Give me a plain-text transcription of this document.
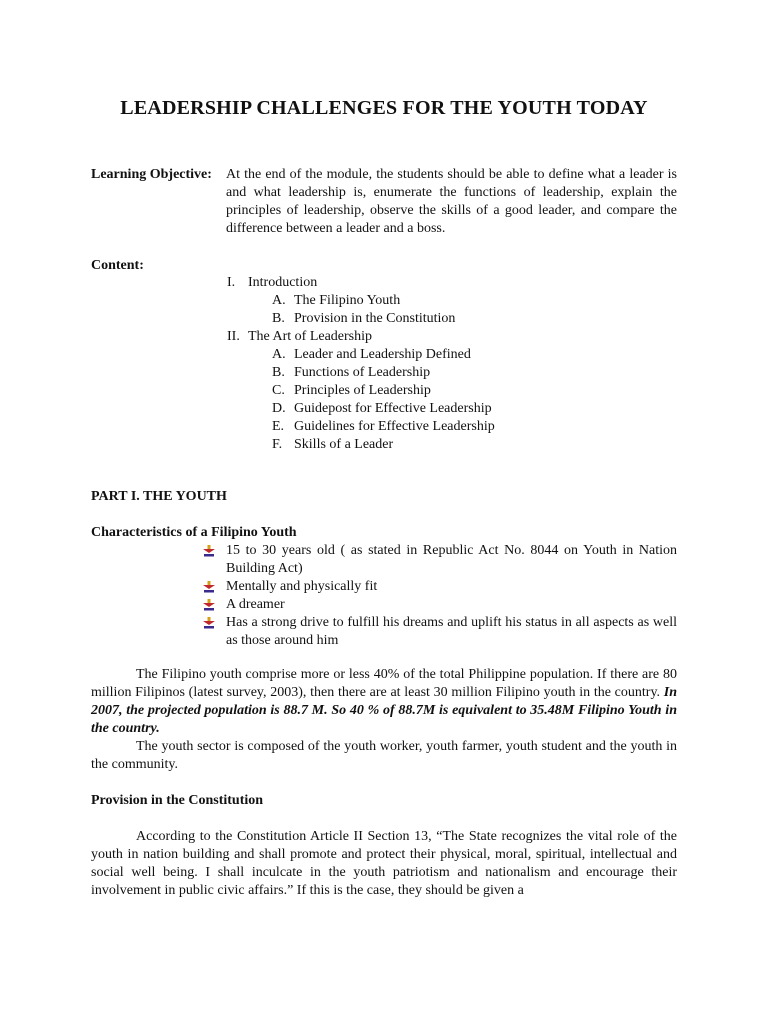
LEADERSHIP CHALLENGES FOR THE YOUTH TODAY
Learning Objective: At the end of the module, the students should be able to define what a leader is and what leadership is, enumerate the functions of leadership, explain the principles of leadership, observe the skills of a good leader, and compare the difference between a leader and a boss.
Content:
I. Introduction
A. The Filipino Youth
B. Provision in the Constitution
II. The Art of Leadership
A. Leader and Leadership Defined
B. Functions of Leadership
C. Principles of Leadership
D. Guidepost for Effective Leadership
E. Guidelines for Effective Leadership
F. Skills of a Leader
PART I. THE YOUTH
Characteristics of a Filipino Youth
15 to 30 years old ( as stated in Republic Act No. 8044 on Youth in Nation Building Act)
Mentally and physically fit
A dreamer
Has a strong drive to fulfill his dreams and uplift his status in all aspects as well as those around him
The Filipino youth comprise more or less 40% of the total Philippine population. If there are 80 million Filipinos (latest survey, 2003), then there are at least 30 million Filipino youth in the country. In 2007, the projected population is 88.7 M. So 40 % of 88.7M is equivalent to 35.48M Filipino Youth in the country.
The youth sector is composed of the youth worker, youth farmer, youth student and the youth in the community.
Provision in the Constitution
According to the Constitution Article II Section 13, “The State recognizes the vital role of the youth in nation building and shall promote and protect their physical, moral, spiritual, intellectual and social well being. I shall inculcate in the youth patriotism and nationalism and encourage their involvement in public civic affairs.” If this is the case, they should be given a
